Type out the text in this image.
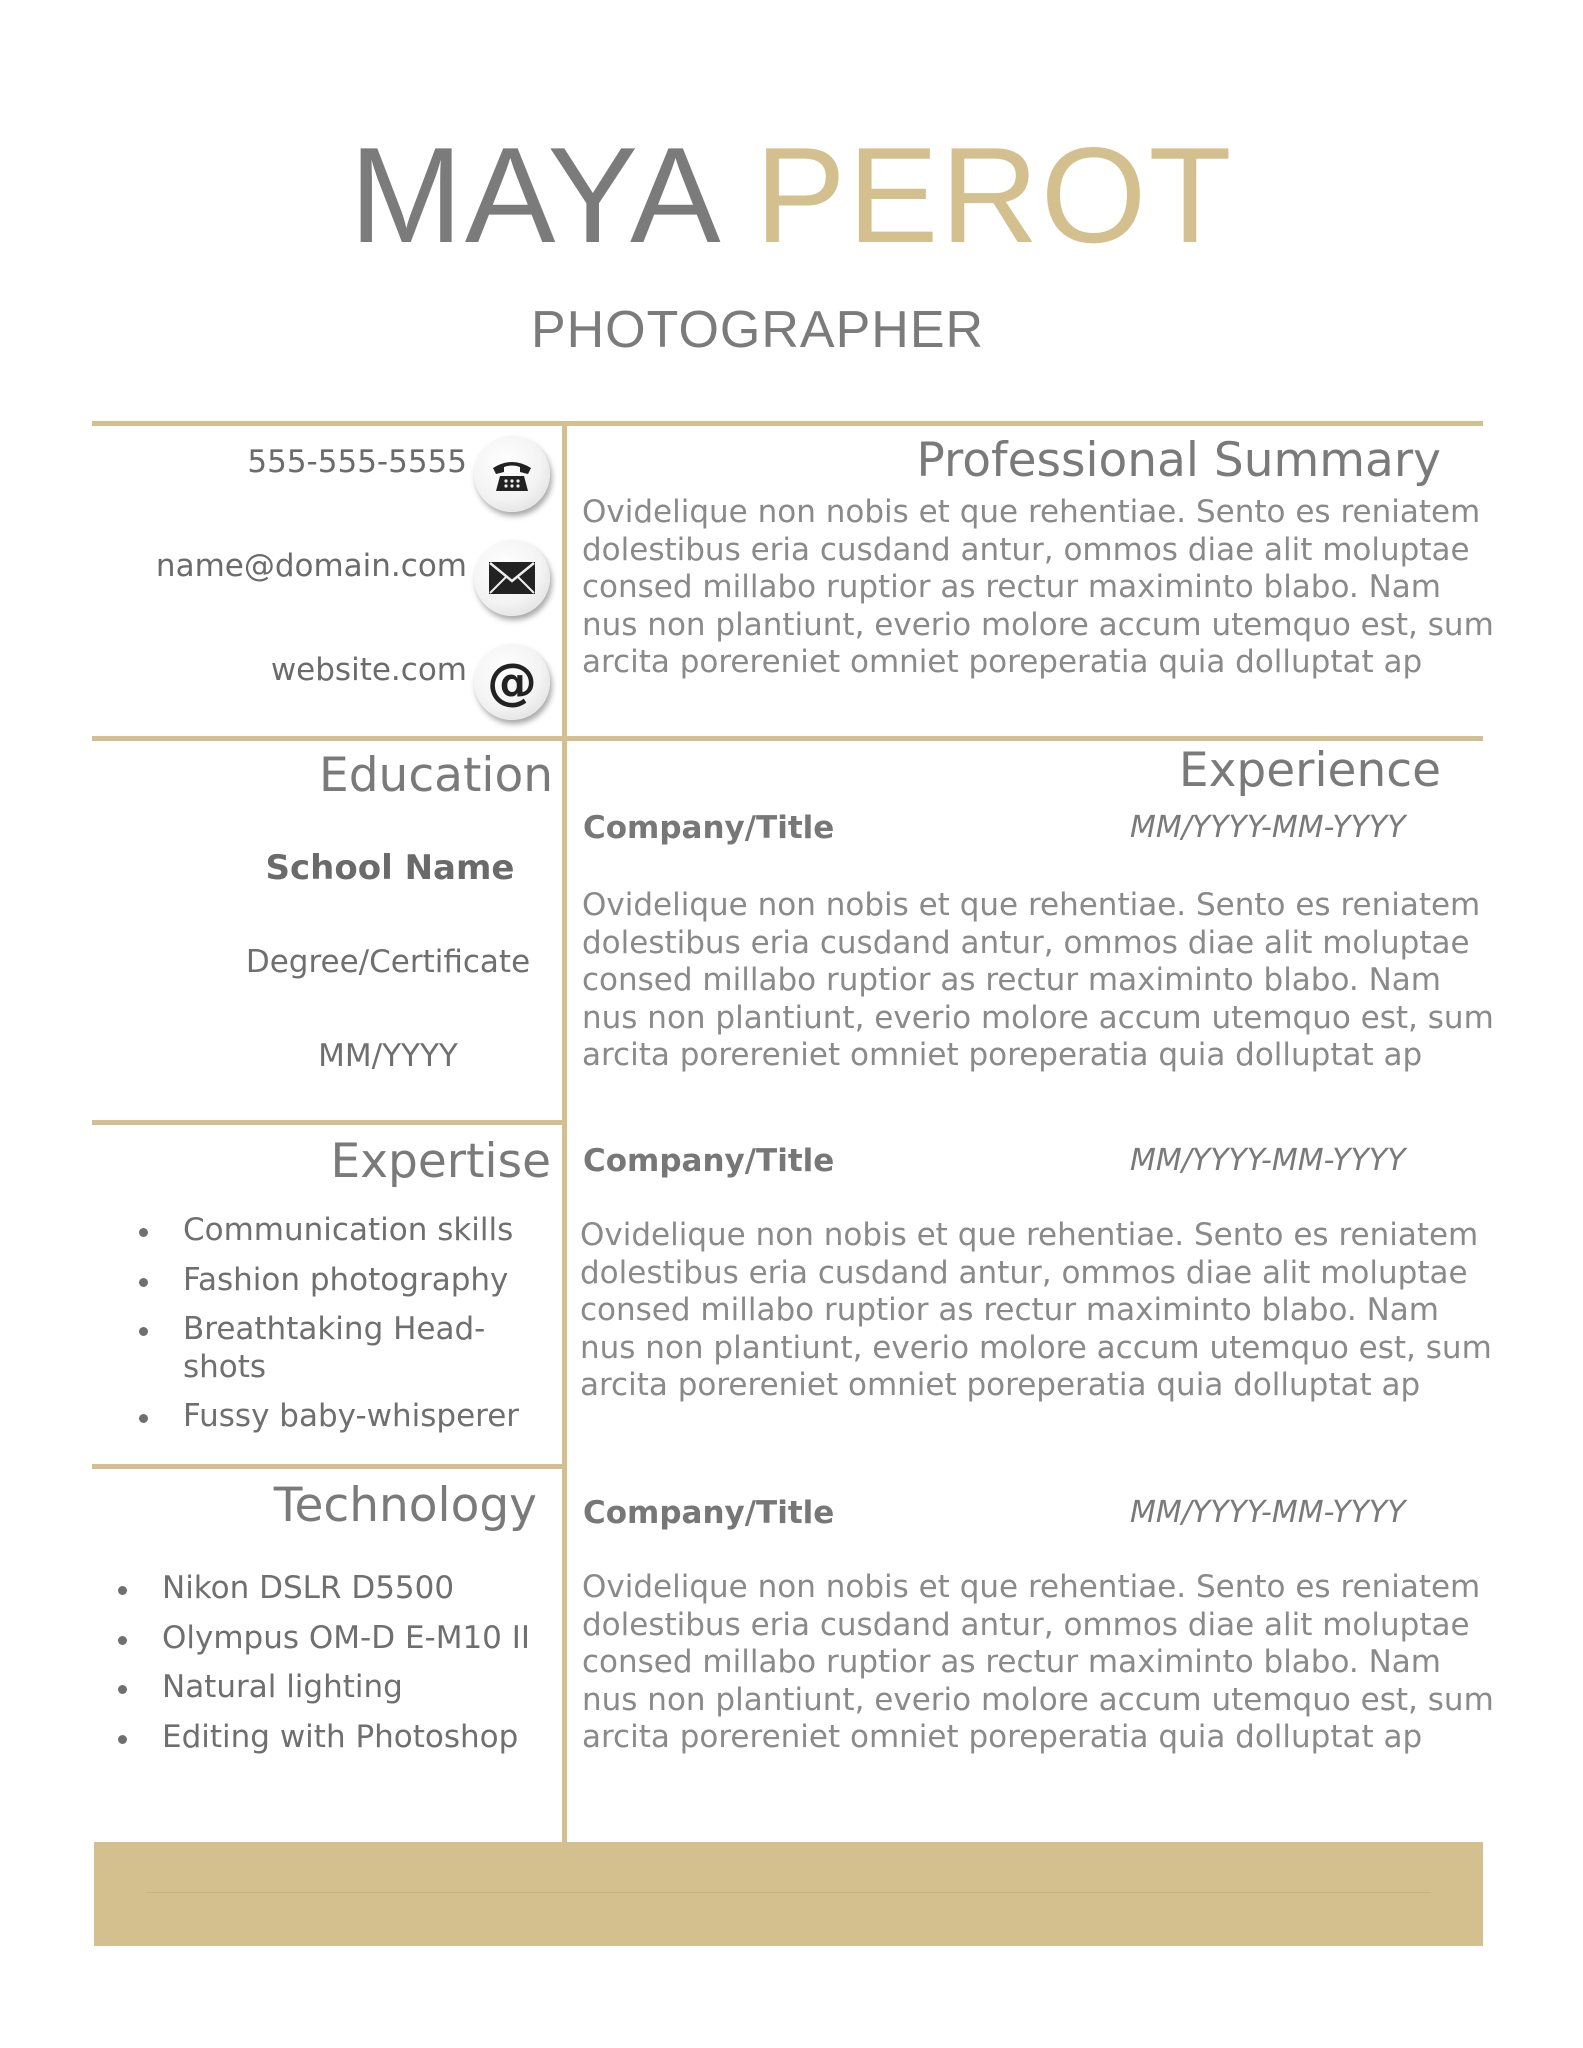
MAYA PEROT
PHOTOGRAPHER
555-555-5555
name@domain.com
website.com @
Professional Summary

Ovidelique non nobis et que rehentiae. Sento es reniatem dolestibus eria cusdand antur, ommos diae alit moluptae consed millabo ruptior as rectur maximinto blabo. Nam nus non plantiunt, everio molore accum utemquo est, sum arcita porereniet omniet poreperatia quia dolluptat ap

Education
School Name
Degree/Certificate
MM/YYYY
Expertise
Communication skills
Fashion photography
Breathtaking Head-shots
Fussy baby-whisperer
Technology
Nikon DSLR D5500
Olympus OM-D E-M10 II
Natural lighting
Editing with Photoshop
Experience
Company/Title	MM/YYYY-MM-YYYY

Ovidelique non nobis et que rehentiae. Sento es reniatem dolestibus eria cusdand antur, ommos diae alit moluptae consed millabo ruptior as rectur maximinto blabo. Nam nus non plantiunt, everio molore accum utemquo est, sum arcita porereniet omniet poreperatia quia dolluptat ap

Company/Title	MM/YYYY-MM-YYYY

Ovidelique non nobis et que rehentiae. Sento es reniatem dolestibus eria cusdand antur, ommos diae alit moluptae consed millabo ruptior as rectur maximinto blabo. Nam nus non plantiunt, everio molore accum utemquo est, sum arcita porereniet omniet poreperatia quia dolluptat ap

Company/Title	MM/YYYY-MM-YYYY

Ovidelique non nobis et que rehentiae. Sento es reniatem dolestibus eria cusdand antur, ommos diae alit moluptae consed millabo ruptior as rectur maximinto blabo. Nam nus non plantiunt, everio molore accum utemquo est, sum arcita porereniet omniet poreperatia quia dolluptat ap
